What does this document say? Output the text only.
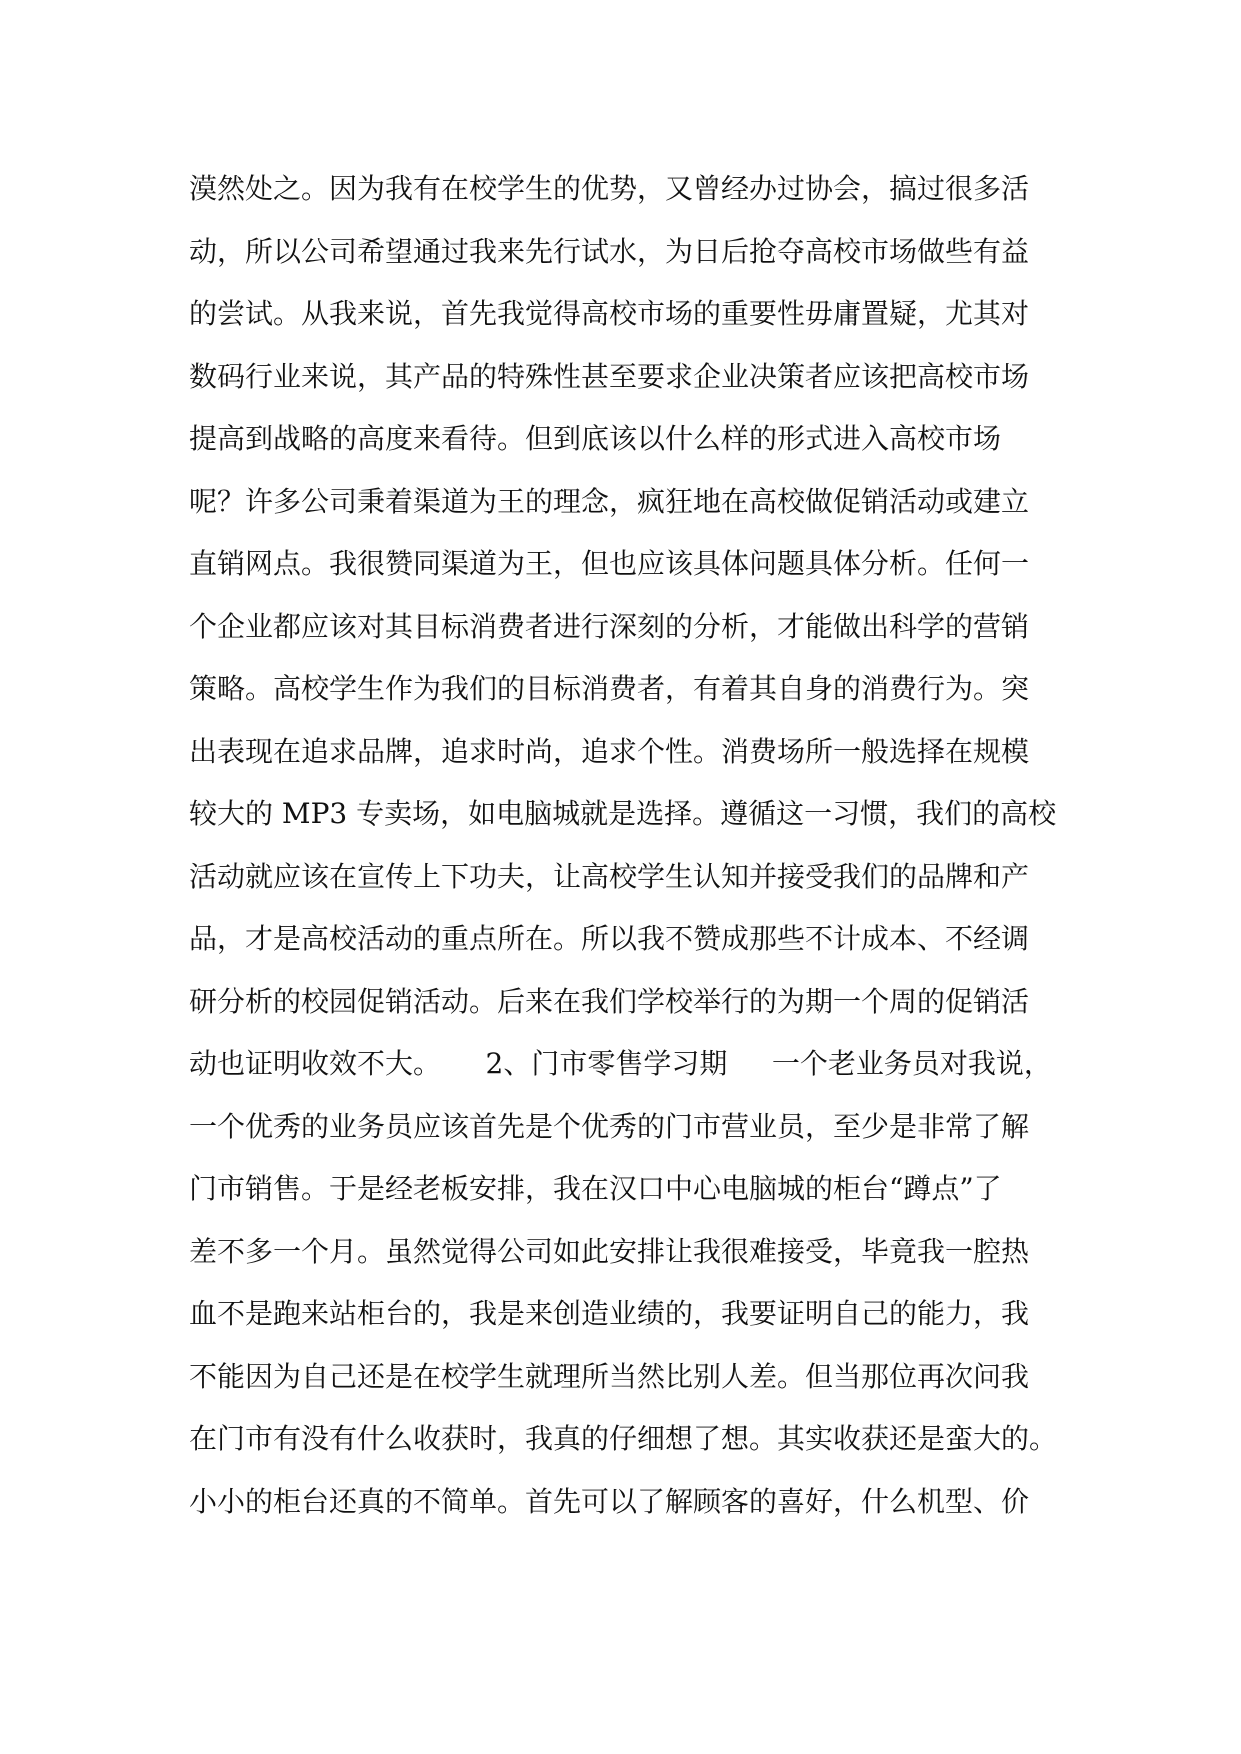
漠然处之。因为我有在校学生的优势，又曾经办过协会，搞过很多活
动，所以公司希望通过我来先行试水，为日后抢夺高校市场做些有益
的尝试。从我来说，首先我觉得高校市场的重要性毋庸置疑，尤其对
数码行业来说，其产品的特殊性甚至要求企业决策者应该把高校市场
提高到战略的高度来看待。但到底该以什么样的形式进入高校市场
呢？许多公司秉着渠道为王的理念，疯狂地在高校做促销活动或建立
直销网点。我很赞同渠道为王，但也应该具体问题具体分析。任何一
个企业都应该对其目标消费者进行深刻的分析，才能做出科学的营销
策略。高校学生作为我们的目标消费者，有着其自身的消费行为。突
出表现在追求品牌，追求时尚，追求个性。消费场所一般选择在规模
较大的 MP3 专卖场，如电脑城就是选择。遵循这一习惯，我们的高校
活动就应该在宣传上下功夫，让高校学生认知并接受我们的品牌和产
品，才是高校活动的重点所在。所以我不赞成那些不计成本、不经调
研分析的校园促销活动。后来在我们学校举行的为期一个周的促销活
动也证明收效不大。     2、门市零售学习期     一个老业务员对我说，
一个优秀的业务员应该首先是个优秀的门市营业员，至少是非常了解
门市销售。于是经老板安排，我在汉口中心电脑城的柜台“蹲点”了
差不多一个月。虽然觉得公司如此安排让我很难接受，毕竟我一腔热
血不是跑来站柜台的，我是来创造业绩的，我要证明自己的能力，我
不能因为自己还是在校学生就理所当然比别人差。但当那位再次问我
在门市有没有什么收获时，我真的仔细想了想。其实收获还是蛮大的。
小小的柜台还真的不简单。首先可以了解顾客的喜好，什么机型、价
